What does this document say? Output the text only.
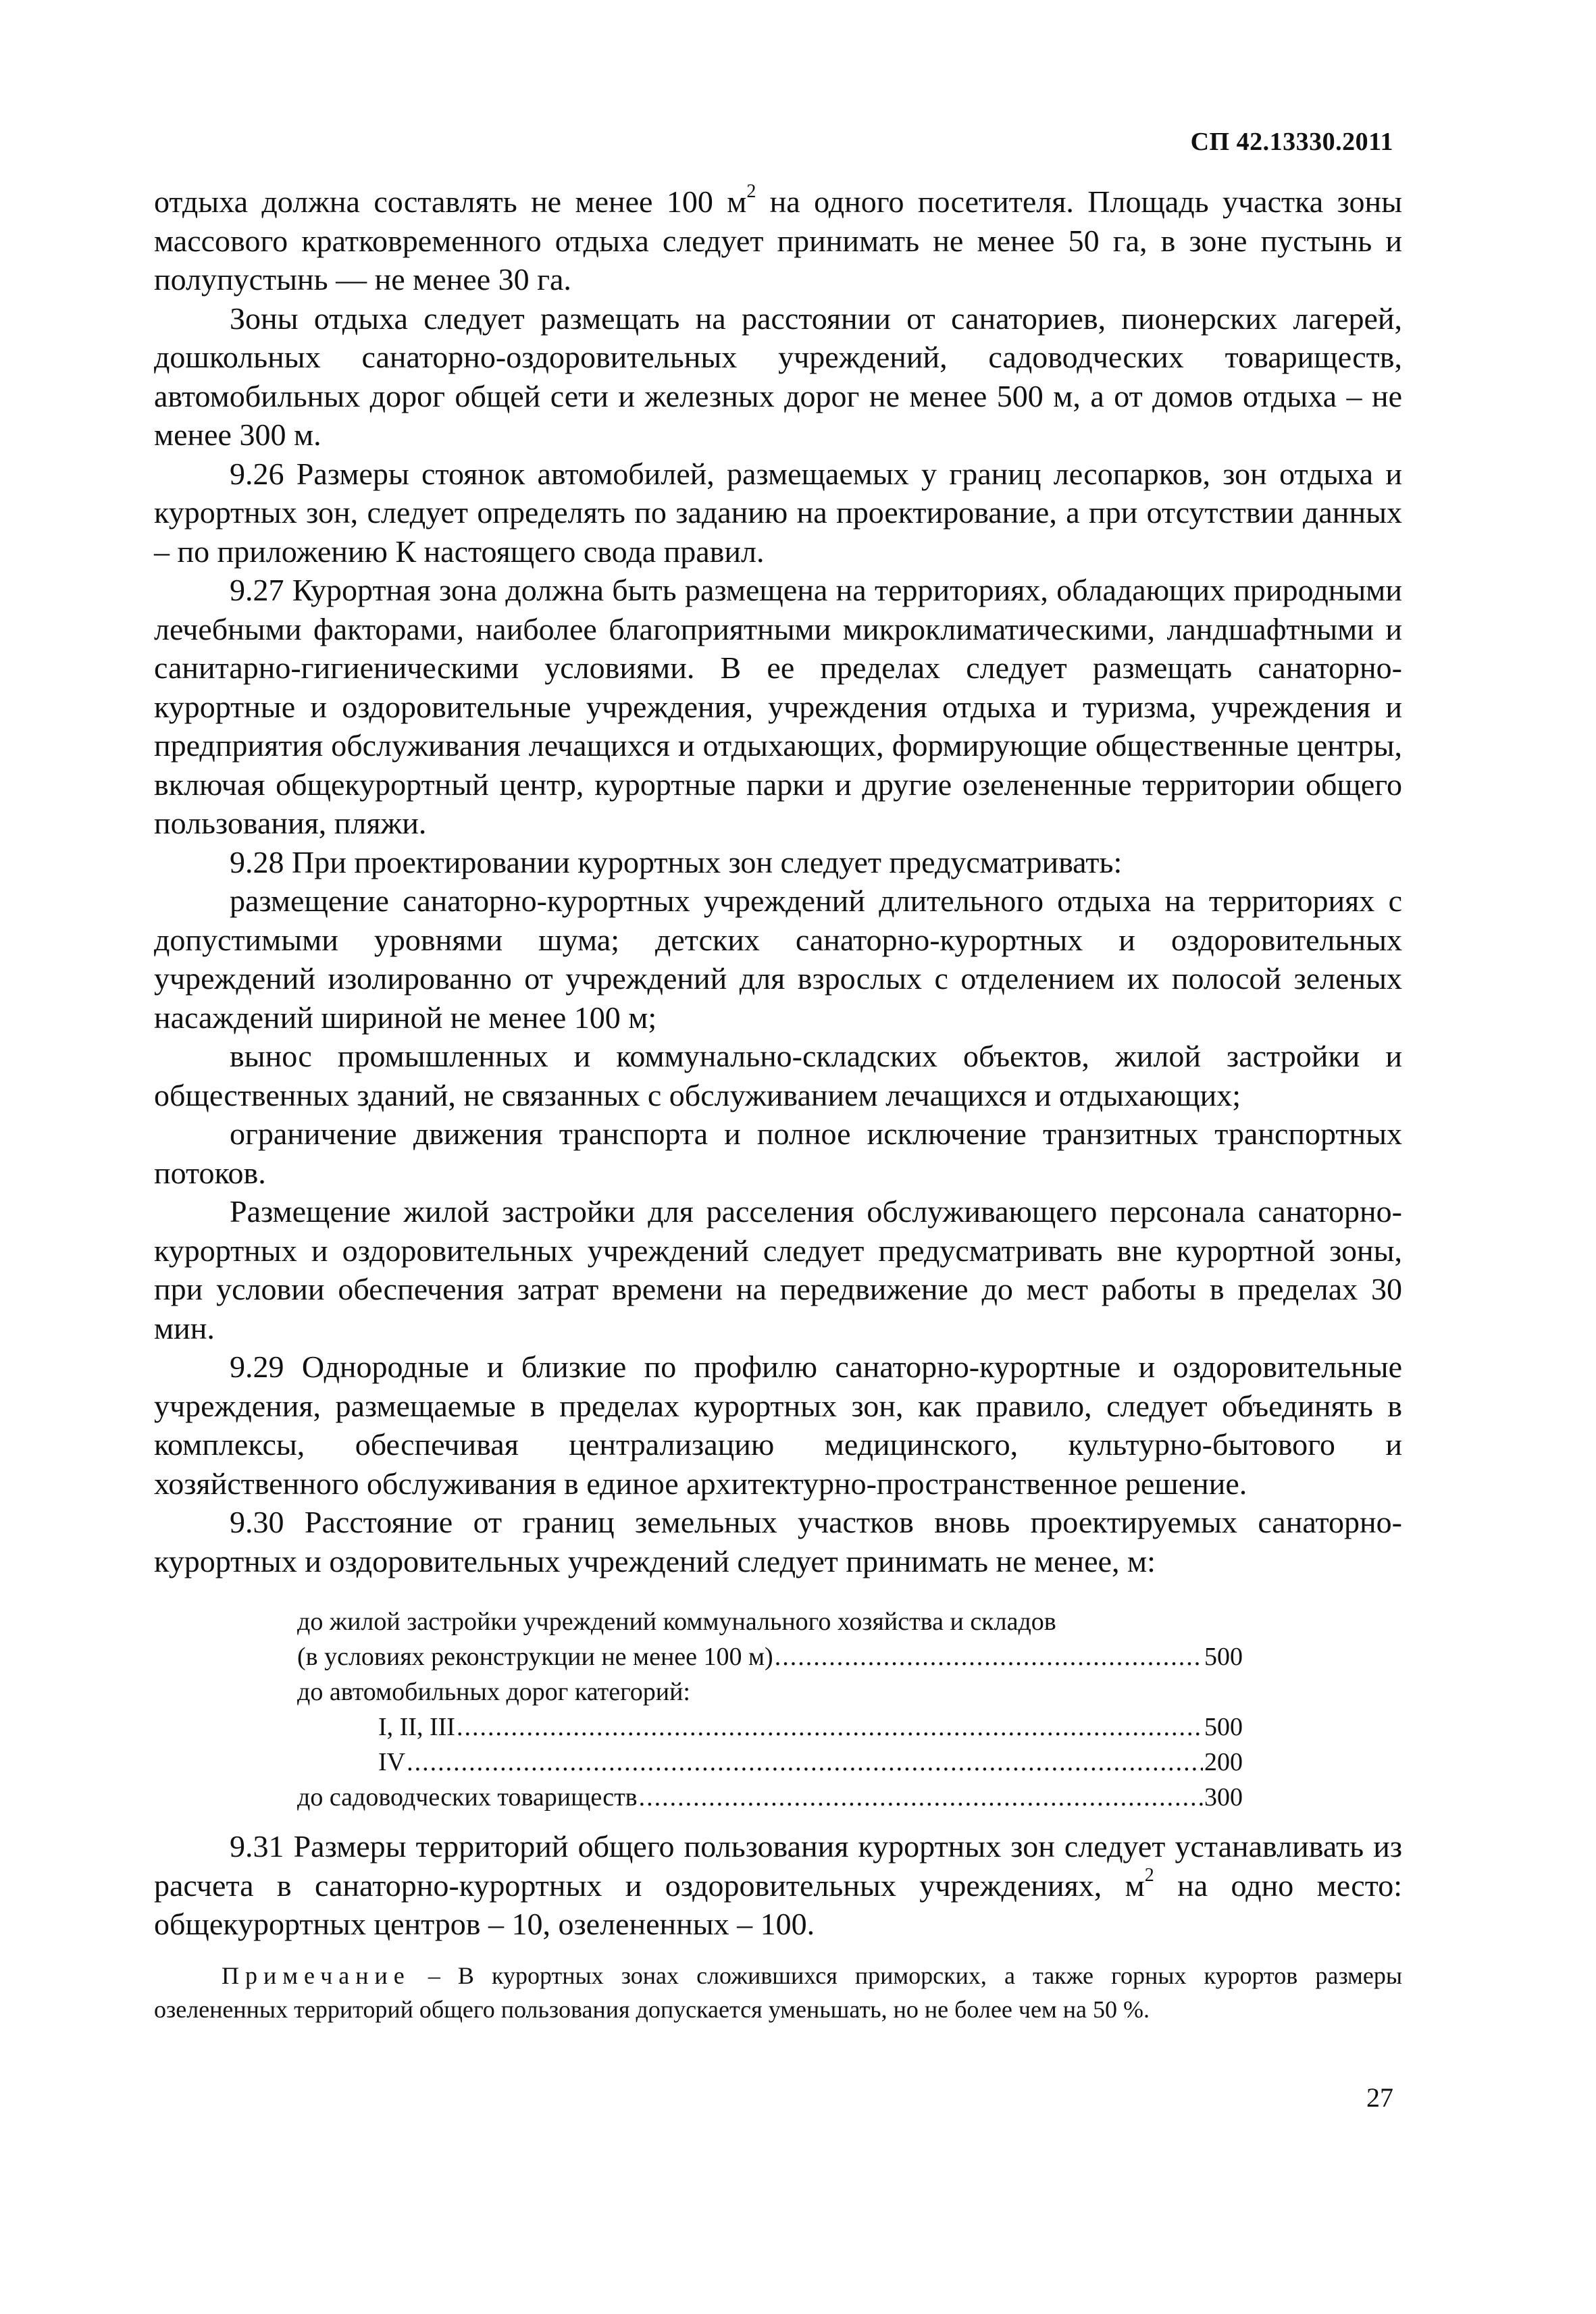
СП 42.13330.2011

отдыха должна составлять не менее 100 $м^2$ на одного посетителя. Площадь участка зоны массового кратковременного отдыха следует принимать не менее 50 га, в зоне пустынь и полупустынь — не менее 30 га.

Зоны отдыха следует размещать на расстоянии от санаториев, пионерских лагерей, дошкольных санаторно-оздоровительных учреждений, садоводческих товариществ, автомобильных дорог общей сети и железных дорог не менее 500 м, а от домов отдыха – не менее 300 м.

9.26 Размеры стоянок автомобилей, размещаемых у границ лесопарков, зон отдыха и курортных зон, следует определять по заданию на проектирование, а при отсутствии данных – по приложению К настоящего свода правил.

9.27 Курортная зона должна быть размещена на территориях, обладающих природными лечебными факторами, наиболее благоприятными микроклиматическими, ландшафтными и санитарно-гигиеническими условиями. В ее пределах следует размещать санаторно-курортные и оздоровительные учреждения, учреждения отдыха и туризма, учреждения и предприятия обслуживания лечащихся и отдыхающих, формирующие общественные центры, включая общекурортный центр, курортные парки и другие озелененные территории общего пользования, пляжи.

9.28 При проектировании курортных зон следует предусматривать:

размещение санаторно-курортных учреждений длительного отдыха на территориях с допустимыми уровнями шума; детских санаторно-курортных и оздоровительных учреждений изолированно от учреждений для взрослых с отделением их полосой зеленых насаждений шириной не менее 100 м;

вынос промышленных и коммунально-складских объектов, жилой застройки и общественных зданий, не связанных с обслуживанием лечащихся и отдыхающих;

ограничение движения транспорта и полное исключение транзитных транспортных потоков.

Размещение жилой застройки для расселения обслуживающего персонала санаторно-курортных и оздоровительных учреждений следует предусматривать вне курортной зоны, при условии обеспечения затрат времени на передвижение до мест работы в пределах 30 мин.

9.29 Однородные и близкие по профилю санаторно-курортные и оздоровительные учреждения, размещаемые в пределах курортных зон, как правило, следует объединять в комплексы, обеспечивая централизацию медицинского, культурно-бытового и хозяйственного обслуживания в единое архитектурно-пространственное решение.

9.30 Расстояние от границ земельных участков вновь проектируемых санаторно-курортных и оздоровительных учреждений следует принимать не менее, м:

до жилой застройки учреждений коммунального хозяйства и складов
(в условиях реконструкции не менее 100 м) .....	500
до автомобильных дорог категорий:
I, II, III .....	500
IV .....	200
до садоводческих товариществ .....	300

9.31 Размеры территорий общего пользования курортных зон следует устанавливать из расчета в санаторно-курортных и оздоровительных учреждениях, $м^2$ на одно место: общекурортных центров – 10, озелененных – 100.

Примечание – В курортных зонах сложившихся приморских, а также горных курортов размеры озелененных территорий общего пользования допускается уменьшать, но не более чем на 50 %.
27
